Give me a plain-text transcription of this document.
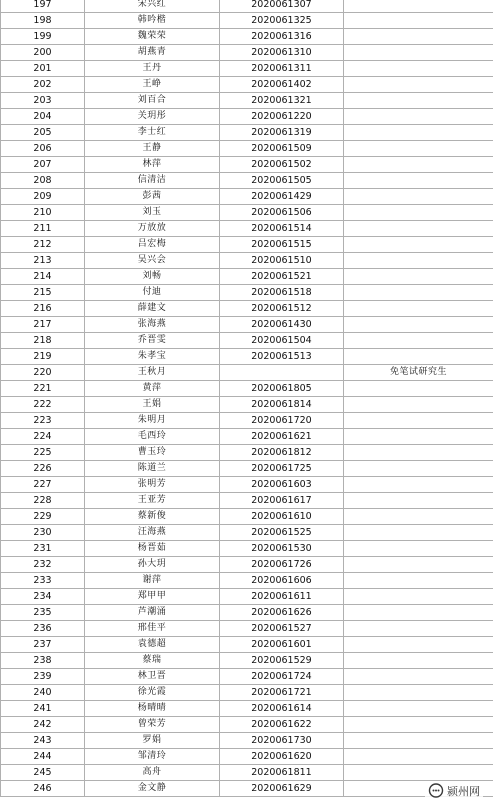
197	宋兴红	2020061307	
198	韩吟楷	2020061325	
199	魏荣荣	2020061316	
200	胡燕青	2020061310	
201	王丹	2020061311	
202	王峥	2020061402	
203	刘百合	2020061321	
204	关玥彤	2020061220	
205	李士红	2020061319	
206	王静	2020061509	
207	林萍	2020061502	
208	信清洁	2020061505	
209	彭茜	2020061429	
210	刘玉	2020061506	
211	万放放	2020061514	
212	吕宏梅	2020061515	
213	吴兴会	2020061510	
214	刘畅	2020061521	
215	付迪	2020061518	
216	薛建文	2020061512	
217	张海燕	2020061430	
218	乔晋雯	2020061504	
219	朱孝宝	2020061513	
220	王秋月		免笔试研究生
221	黄萍	2020061805	
222	王娟	2020061814	
223	朱明月	2020061720	
224	毛西玲	2020061621	
225	曹玉玲	2020061812	
226	陈道兰	2020061725	
227	张明芳	2020061603	
228	王亚芳	2020061617	
229	蔡新俊	2020061610	
230	汪海燕	2020061525	
231	杨晋茹	2020061530	
232	孙大玥	2020061726	
233	谢萍	2020061606	
234	郑甲甲	2020061611	
235	芦潮涌	2020061626	
236	邢佳平	2020061527	
237	袁德超	2020061601	
238	蔡瑞	2020061529	
239	林卫晋	2020061724	
240	徐光霞	2020061721	
241	杨晴晴	2020061614	
242	曾荣芳	2020061622	
243	罗娟	2020061730	
244	邹清玲	2020061620	
245	高舟	2020061811	
246	金文静	2020061629		颍州网
